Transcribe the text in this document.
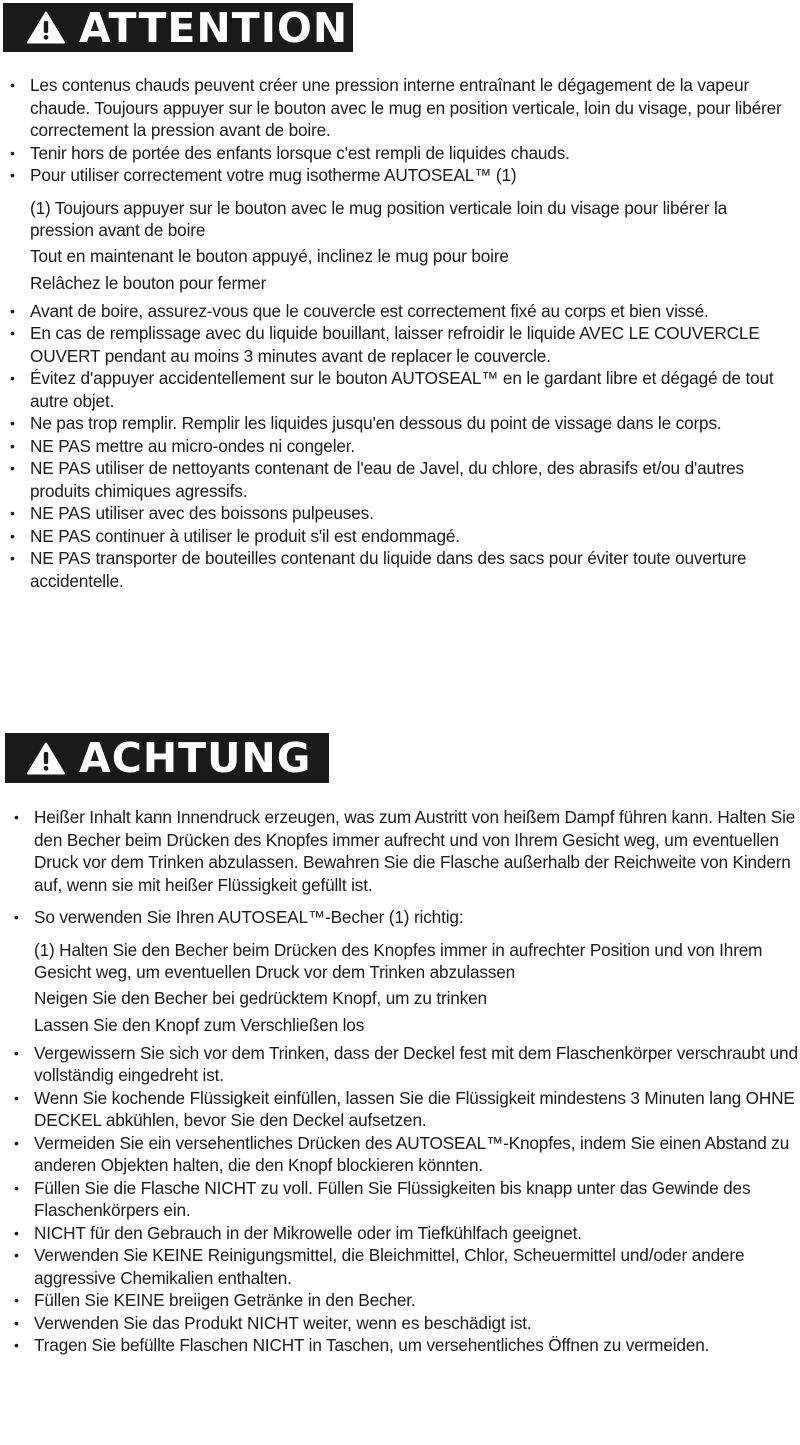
ATTENTION
• Les contenus chauds peuvent créer une pression interne entraînant le dégagement de la vapeur chaude. Toujours appuyer sur le bouton avec le mug en position verticale, loin du visage, pour libérer correctement la pression avant de boire.
• Tenir hors de portée des enfants lorsque c'est rempli de liquides chauds.
• Pour utiliser correctement votre mug isotherme AUTOSEAL™ (1)

(1) Toujours appuyer sur le bouton avec le mug position verticale loin du visage pour libérer la pression avant de boire

Tout en maintenant le bouton appuyé, inclinez le mug pour boire

Relâchez le bouton pour fermer

• Avant de boire, assurez-vous que le couvercle est correctement fixé au corps et bien vissé.
• En cas de remplissage avec du liquide bouillant, laisser refroidir le liquide AVEC LE COUVERCLE OUVERT pendant au moins 3 minutes avant de replacer le couvercle.
• Évitez d'appuyer accidentellement sur le bouton AUTOSEAL™ en le gardant libre et dégagé de tout autre objet.
• Ne pas trop remplir. Remplir les liquides jusqu'en dessous du point de vissage dans le corps.
• NE PAS mettre au micro-ondes ni congeler.
• NE PAS utiliser de nettoyants contenant de l'eau de Javel, du chlore, des abrasifs et/ou d'autres produits chimiques agressifs.
• NE PAS utiliser avec des boissons pulpeuses.
• NE PAS continuer à utiliser le produit s'il est endommagé.
• NE PAS transporter de bouteilles contenant du liquide dans des sacs pour éviter toute ouverture accidentelle.
ACHTUNG
• Heißer Inhalt kann Innendruck erzeugen, was zum Austritt von heißem Dampf führen kann. Halten Sie den Becher beim Drücken des Knopfes immer aufrecht und von Ihrem Gesicht weg, um eventuellen Druck vor dem Trinken abzulassen. Bewahren Sie die Flasche außerhalb der Reichweite von Kindern auf, wenn sie mit heißer Flüssigkeit gefüllt ist.
• So verwenden Sie Ihren AUTOSEAL™-Becher (1) richtig:

(1) Halten Sie den Becher beim Drücken des Knopfes immer in aufrechter Position und von Ihrem Gesicht weg, um eventuellen Druck vor dem Trinken abzulassen

Neigen Sie den Becher bei gedrücktem Knopf, um zu trinken

Lassen Sie den Knopf zum Verschließen los

• Vergewissern Sie sich vor dem Trinken, dass der Deckel fest mit dem Flaschenkörper verschraubt und vollständig eingedreht ist.
• Wenn Sie kochende Flüssigkeit einfüllen, lassen Sie die Flüssigkeit mindestens 3 Minuten lang OHNE DECKEL abkühlen, bevor Sie den Deckel aufsetzen.
• Vermeiden Sie ein versehentliches Drücken des AUTOSEAL™-Knopfes, indem Sie einen Abstand zu anderen Objekten halten, die den Knopf blockieren könnten.
• Füllen Sie die Flasche NICHT zu voll. Füllen Sie Flüssigkeiten bis knapp unter das Gewinde des Flaschenkörpers ein.
• NICHT für den Gebrauch in der Mikrowelle oder im Tiefkühlfach geeignet.
• Verwenden Sie KEINE Reinigungsmittel, die Bleichmittel, Chlor, Scheuermittel und/oder andere aggressive Chemikalien enthalten.
• Füllen Sie KEINE breiigen Getränke in den Becher.
• Verwenden Sie das Produkt NICHT weiter, wenn es beschädigt ist.
• Tragen Sie befüllte Flaschen NICHT in Taschen, um versehentliches Öffnen zu vermeiden.
